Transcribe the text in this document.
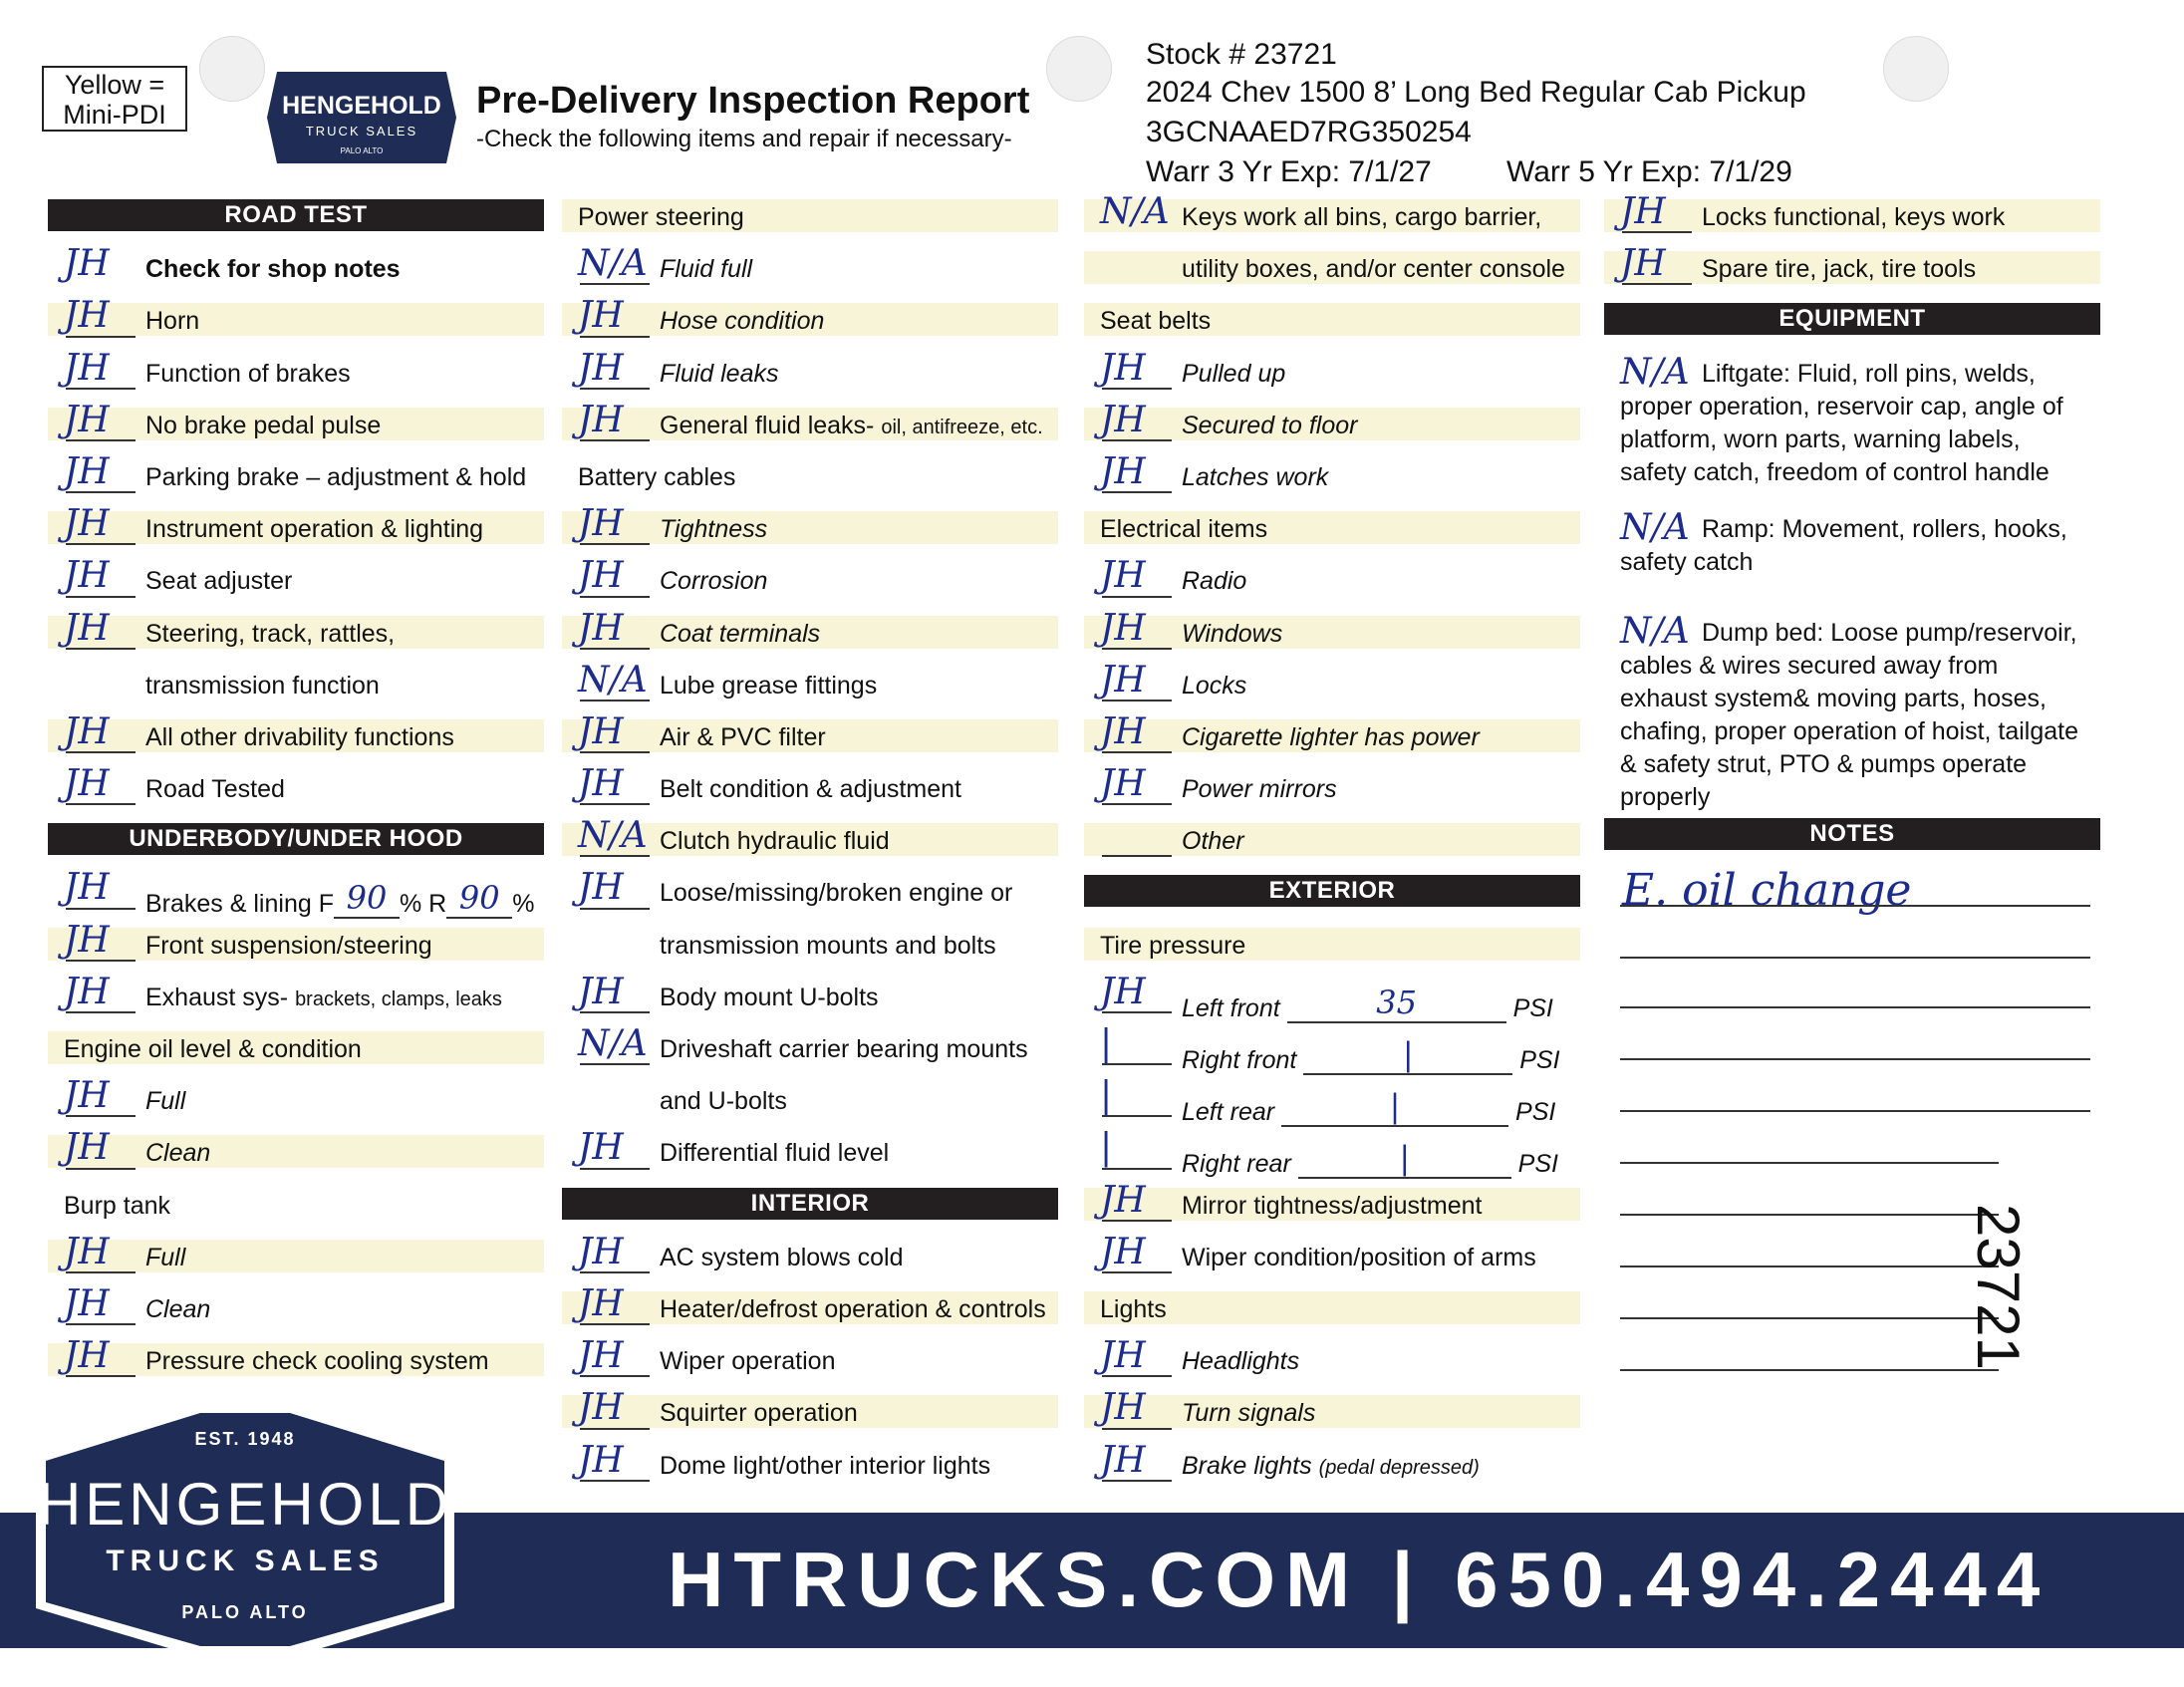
Yellow =
Mini-PDI	HENGEHOLD
TRUCK SALES
PALO ALTO
Pre-Delivery Inspection Report
-Check the following items and repair if necessary-
Stock # 23721
2024 Chev 1500 8’ Long Bed Regular Cab Pickup
3GCNAAED7RG350254
Warr 3 Yr Exp: 7/1/27	Warr 5 Yr Exp: 7/1/29
ROAD TEST
JH Check for shop notes
JH Horn
JH Function of brakes
JH No brake pedal pulse
JH Parking brake – adjustment & hold
JH Instrument operation & lighting
JH Seat adjuster
JH Steering, track, rattles,
transmission function
JH All other drivability functions
JH Road Tested
UNDERBODY/UNDER HOOD
JH Brakes & lining F 90 % R 90 %
JH Front suspension/steering
JH Exhaust sys- brackets, clamps, leaks
Engine oil level & condition
JH Full
JH Clean
Burp tank
JH Full
JH Clean
JH Pressure check cooling system
Power steering
N/A Fluid full
JH Hose condition
JH Fluid leaks
JH General fluid leaks- oil, antifreeze, etc.
Battery cables
JH Tightness
JH Corrosion
JH Coat terminals
N/A Lube grease fittings
JH Air & PVC filter
JH Belt condition & adjustment
N/A Clutch hydraulic fluid
JH Loose/missing/broken engine or
transmission mounts and bolts
JH Body mount U-bolts
N/A Driveshaft carrier bearing mounts
and U-bolts
JH Differential fluid level
INTERIOR
JH AC system blows cold
JH Heater/defrost operation & controls
JH Wiper operation
JH Squirter operation
JH Dome light/other interior lights
N/A Keys work all bins, cargo barrier,
utility boxes, and/or center console
Seat belts
JH Pulled up
JH Secured to floor
JH Latches work
Electrical items
JH Radio
JH Windows
JH Locks
JH Cigarette lighter has power
JH Power mirrors
Other
EXTERIOR
Tire pressure
JH Left front	35	PSI
|	Right front	|	PSI
|	Left rear	|	PSI
|	Right rear	|	PSI
JH Mirror tightness/adjustment
JH Wiper condition/position of arms
Lights
JH Headlights
JH Turn signals
JH Brake lights (pedal depressed)
JH Locks functional, keys work
JH Spare tire, jack, tire tools
EQUIPMENT
N/A Liftgate: Fluid, roll pins, welds, proper operation, reservoir cap, angle of platform, worn parts, warning labels, safety catch, freedom of control handle
N/A Ramp: Movement, rollers, hooks, safety catch
N/A Dump bed: Loose pump/reservoir, cables & wires secured away from exhaust system& moving parts, hoses, chafing, proper operation of hoist, tailgate & safety strut, PTO & pumps operate properly
NOTES
E. oil change
23721
HTRUCKS.COM | 650.494.2444
EST. 1948
HENGEHOLD
TRUCK SALES
PALO ALTO
